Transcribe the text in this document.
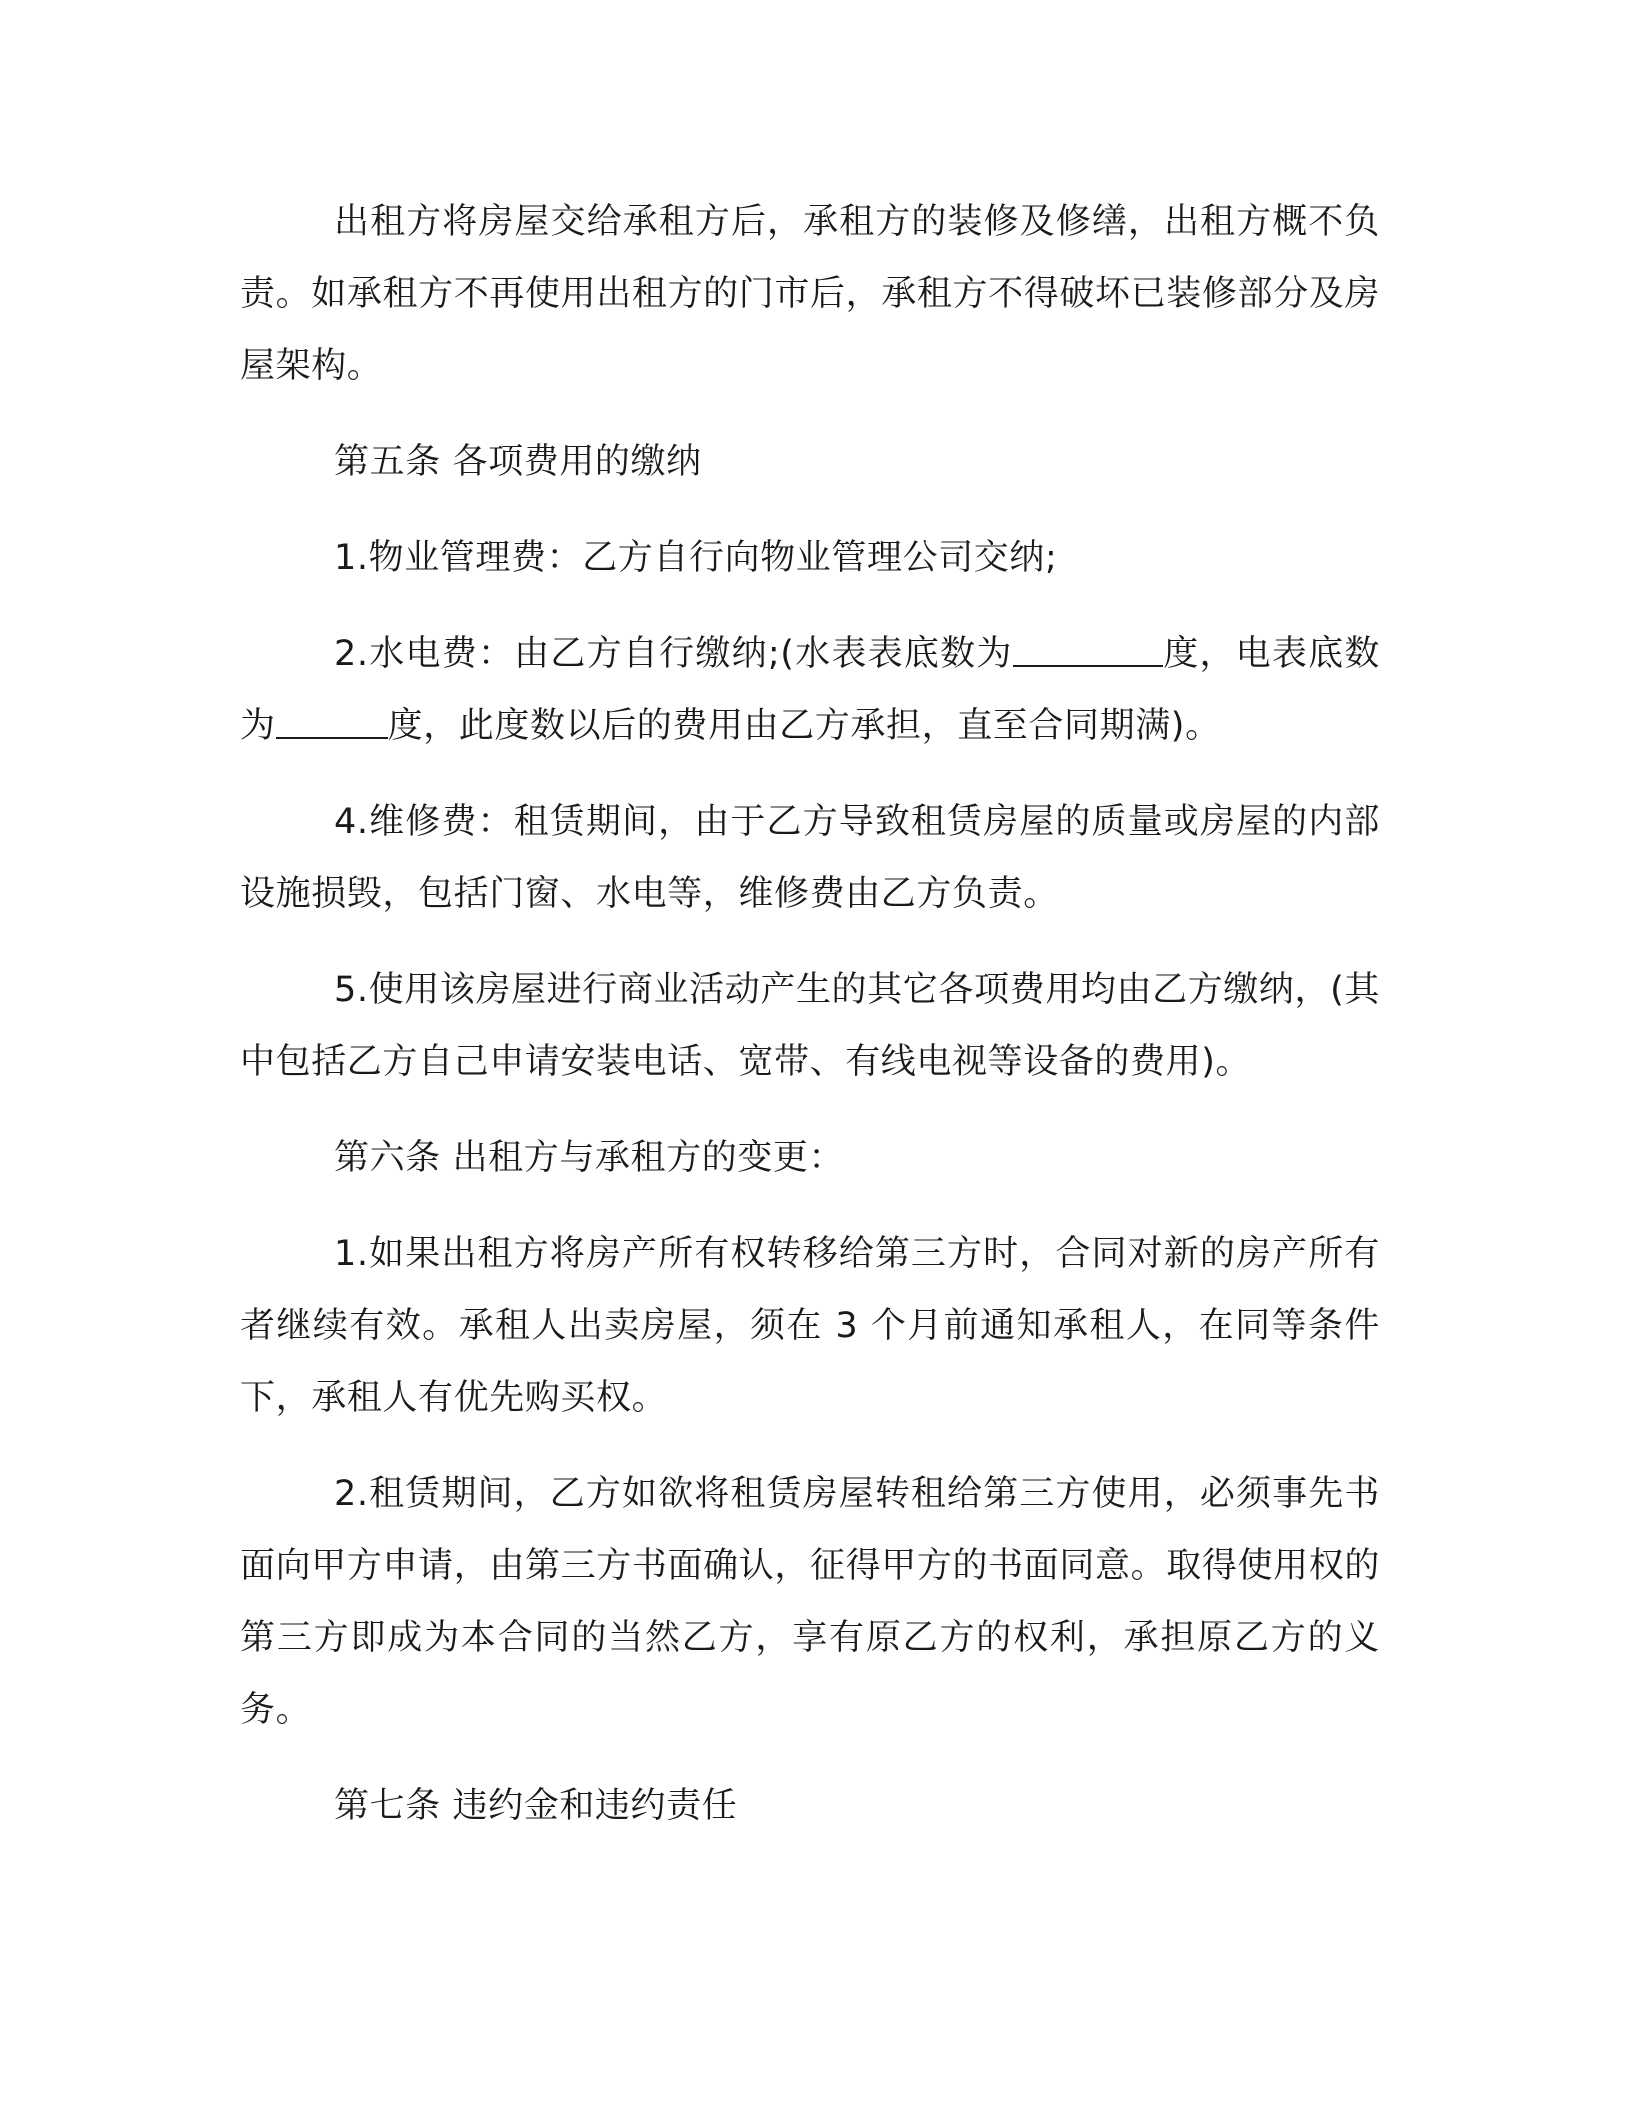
出租方将房屋交给承租方后，承租方的装修及修缮，出租方概不负责。如承租方不再使用出租方的门市后，承租方不得破坏已装修部分及房屋架构。

第五条 各项费用的缴纳

1.物业管理费：乙方自行向物业管理公司交纳;

2.水电费：由乙方自行缴纳;(水表表底数为	度，电表底数为	度，此度数以后的费用由乙方承担，直至合同期满)。

4.维修费：租赁期间，由于乙方导致租赁房屋的质量或房屋的内部设施损毁，包括门窗、水电等，维修费由乙方负责。

5.使用该房屋进行商业活动产生的其它各项费用均由乙方缴纳，(其中包括乙方自己申请安装电话、宽带、有线电视等设备的费用)。

第六条 出租方与承租方的变更：

1.如果出租方将房产所有权转移给第三方时，合同对新的房产所有者继续有效。承租人出卖房屋，须在 3 个月前通知承租人，在同等条件下，承租人有优先购买权。

2.租赁期间，乙方如欲将租赁房屋转租给第三方使用，必须事先书面向甲方申请，由第三方书面确认，征得甲方的书面同意。取得使用权的第三方即成为本合同的当然乙方，享有原乙方的权利，承担原乙方的义务。

第七条 违约金和违约责任
